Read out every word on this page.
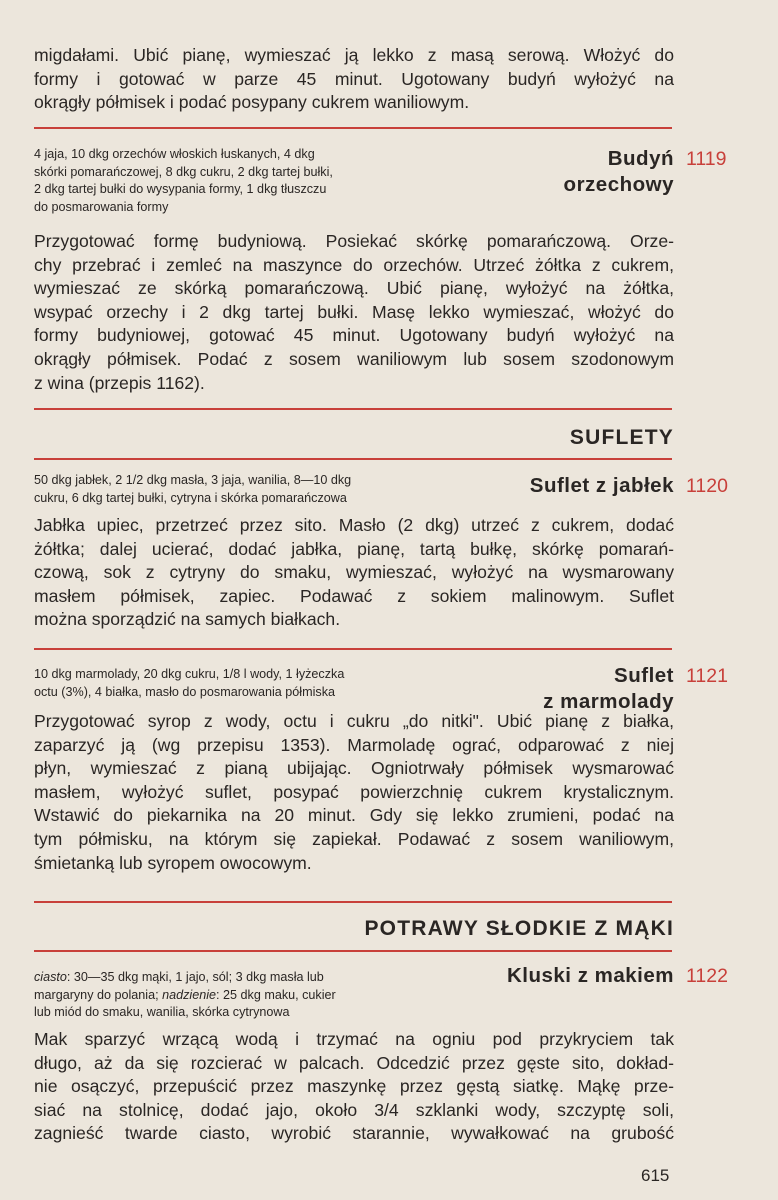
migdałami. Ubić pianę, wymieszać ją lekko z masą serową. Włożyć do
formy i gotować w parze 45 minut. Ugotowany budyń wyłożyć na
okrągły półmisek i podać posypany cukrem waniliowym.

4 jaja, 10 dkg orzechów włoskich łuskanych, 4 dkg
skórki pomarańczowej, 8 dkg cukru, 2 dkg tartej bułki,
2 dkg tartej bułki do wysypania formy, 1 dkg tłuszczu
do posmarowania formy
Budyń
orzechowy
1119

Przygotować formę budyniową. Posiekać skórkę pomarańczową. Orze-
chy przebrać i zemleć na maszynce do orzechów. Utrzeć żółtka z cukrem,
wymieszać ze skórką pomarańczową. Ubić pianę, wyłożyć na żółtka,
wsypać orzechy i 2 dkg tartej bułki. Masę lekko wymieszać, włożyć do
formy budyniowej, gotować 45 minut. Ugotowany budyń wyłożyć na
okrągły półmisek. Podać z sosem waniliowym lub sosem szodonowym
z wina (przepis 1162).

SUFLETY
50 dkg jabłek, 2 1/2 dkg masła, 3 jaja, wanilia, 8—10 dkg
cukru, 6 dkg tartej bułki, cytryna i skórka pomarańczowa
Suflet z jabłek 1120

Jabłka upiec, przetrzeć przez sito. Masło (2 dkg) utrzeć z cukrem, dodać
żółtka; dalej ucierać, dodać jabłka, pianę, tartą bułkę, skórkę pomarań-
czową, sok z cytryny do smaku, wymieszać, wyłożyć na wysmarowany
masłem półmisek, zapiec. Podawać z sokiem malinowym. Suflet
można sporządzić na samych białkach.

10 dkg marmolady, 20 dkg cukru, 1/8 l wody, 1 łyżeczka
octu (3%), 4 białka, masło do posmarowania półmiska
Suflet
z marmolady
1121

Przygotować syrop z wody, octu i cukru „do nitki". Ubić pianę z białka,
zaparzyć ją (wg przepisu 1353). Marmoladę ograć, odparować z niej
płyn, wymieszać z pianą ubijając. Ogniotrwały półmisek wysmarować
masłem, wyłożyć suflet, posypać powierzchnię cukrem krystalicznym.
Wstawić do piekarnika na 20 minut. Gdy się lekko zrumieni, podać na
tym półmisku, na którym się zapiekał. Podawać z sosem waniliowym,
śmietanką lub syropem owocowym.

POTRAWY SŁODKIE Z MĄKI
ciasto: 30—35 dkg mąki, 1 jajo, sól; 3 dkg masła lub
margaryny do polania; nadzienie: 25 dkg maku, cukier
lub miód do smaku, wanilia, skórka cytrynowa
Kluski z makiem 1122

Mak sparzyć wrzącą wodą i trzymać na ogniu pod przykryciem tak
długo, aż da się rozcierać w palcach. Odcedzić przez gęste sito, dokład-
nie osączyć, przepuścić przez maszynkę przez gęstą siatkę. Mąkę prze-
siać na stolnicę, dodać jajo, około 3/4 szklanki wody, szczyptę soli,
zagnieść twarde ciasto, wyrobić starannie, wywałkować na grubość

615
